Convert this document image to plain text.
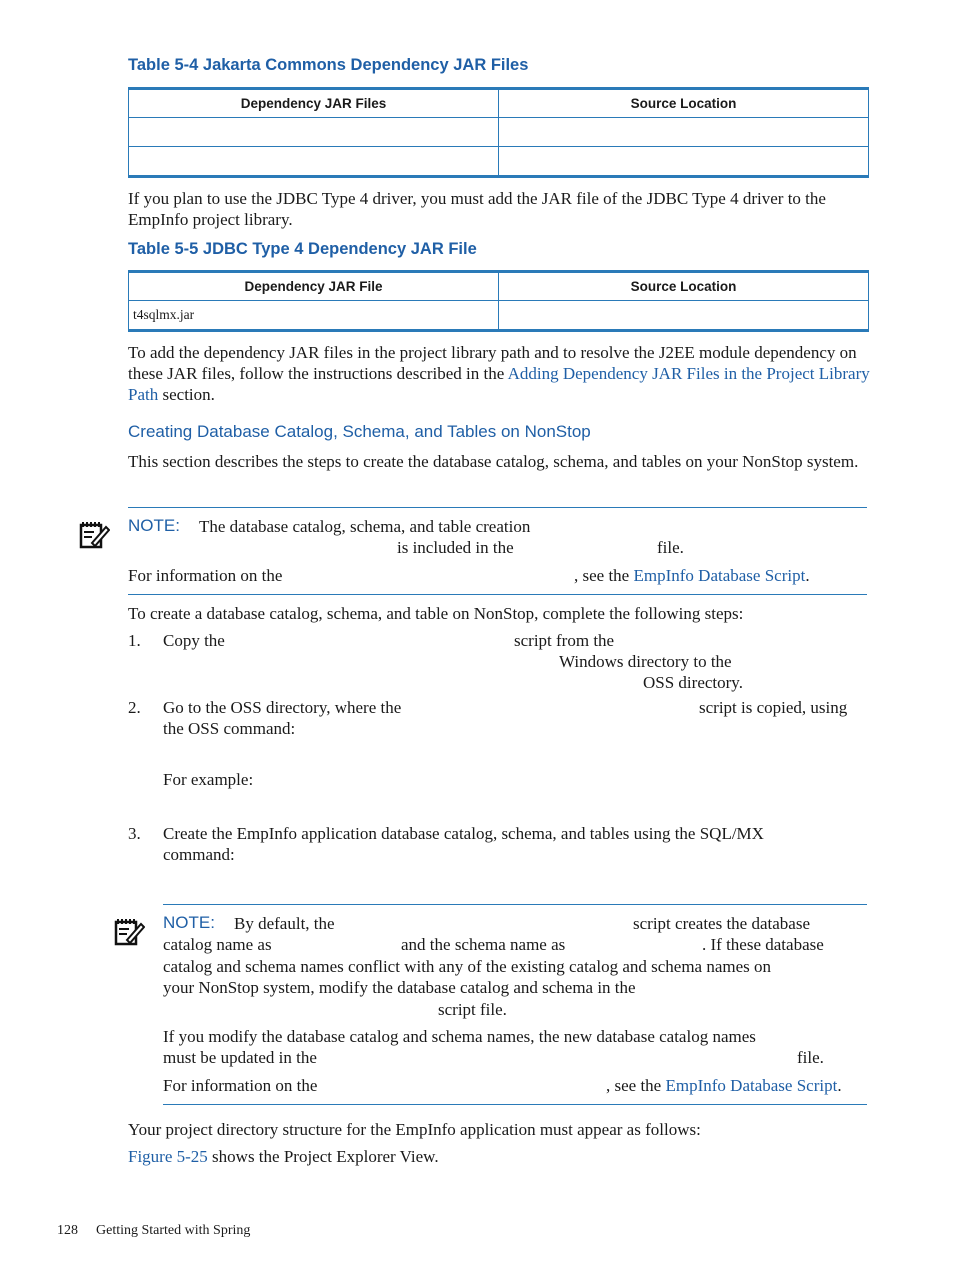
Table 5-4 Jakarta Commons Dependency JAR Files
Dependency JAR Files	Source Location

If you plan to use the JDBC Type 4 driver, you must add the JAR file of the JDBC Type 4 driver to the EmpInfo project library.
Table 5-5 JDBC Type 4 Dependency JAR File
Dependency JAR File	Source Location
t4sqlmx.jar	
To add the dependency JAR files in the project library path and to resolve the J2EE module dependency on these JAR files, follow the instructions described in the Adding Dependency JAR Files in the Project Library Path section.
Creating Database Catalog, Schema, and Tables on NonStop
This section describes the steps to create the database catalog, schema, and tables on your NonStop system.
NOTE: The database catalog, schema, and table creation
is included in the	file.
For information on the	, see the EmpInfo Database Script.
To create a database catalog, schema, and table on NonStop, complete the following steps:
1. Copy the	script from the
Windows directory to the
OSS directory.
2. Go to the OSS directory, where the	script is copied, using
the OSS command:
For example:
3. Create the EmpInfo application database catalog, schema, and tables using the SQL/MX
command:
NOTE: By default, the	script creates the database
catalog name as	and the schema name as	. If these database
catalog and schema names conflict with any of the existing catalog and schema names on
your NonStop system, modify the database catalog and schema in the
script file.
If you modify the database catalog and schema names, the new database catalog names
must be updated in the	file.
For information on the	, see the EmpInfo Database Script.
Your project directory structure for the EmpInfo application must appear as follows:
Figure 5-25 shows the Project Explorer View.
128 Getting Started with Spring
